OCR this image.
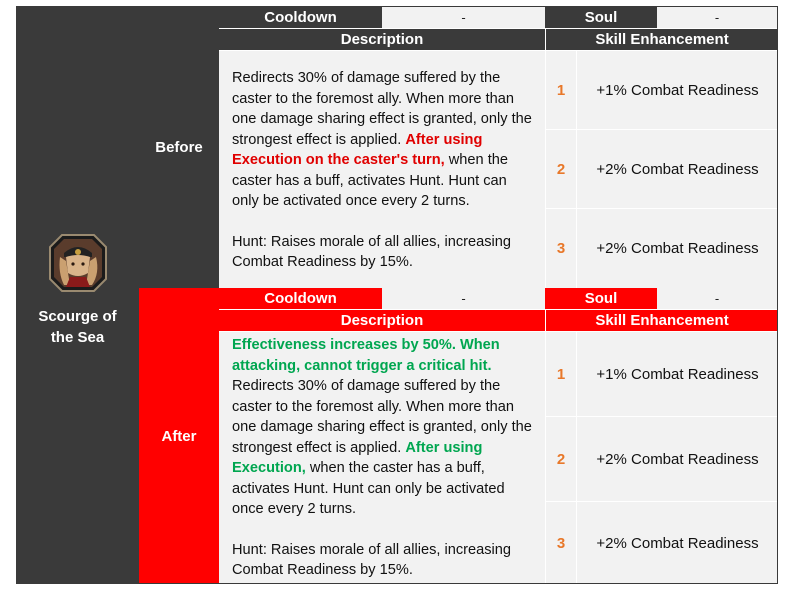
Scourge of the Sea
Before
Cooldown	-	Soul	-
Description	Skill Enhancement

Redirects 30% of damage suffered by the caster to the foremost ally. When more than one damage sharing effect is granted, only the strongest effect is applied. After using Execution on the caster's turn, when the caster has a buff, activates Hunt. Hunt can only be activated once every 2 turns.

Hunt: Raises morale of all allies, increasing Combat Readiness by 15%.

1 +1% Combat Readiness
2 +2% Combat Readiness
3 +2% Combat Readiness
After
Cooldown	-	Soul	-
Description	Skill Enhancement

Effectiveness increases by 50%. When attacking, cannot trigger a critical hit. Redirects 30% of damage suffered by the caster to the foremost ally. When more than one damage sharing effect is granted, only the strongest effect is applied. After using Execution, when the caster has a buff, activates Hunt. Hunt can only be activated once every 2 turns.

Hunt: Raises morale of all allies, increasing Combat Readiness by 15%.

1 +1% Combat Readiness
2 +2% Combat Readiness
3 +2% Combat Readiness
